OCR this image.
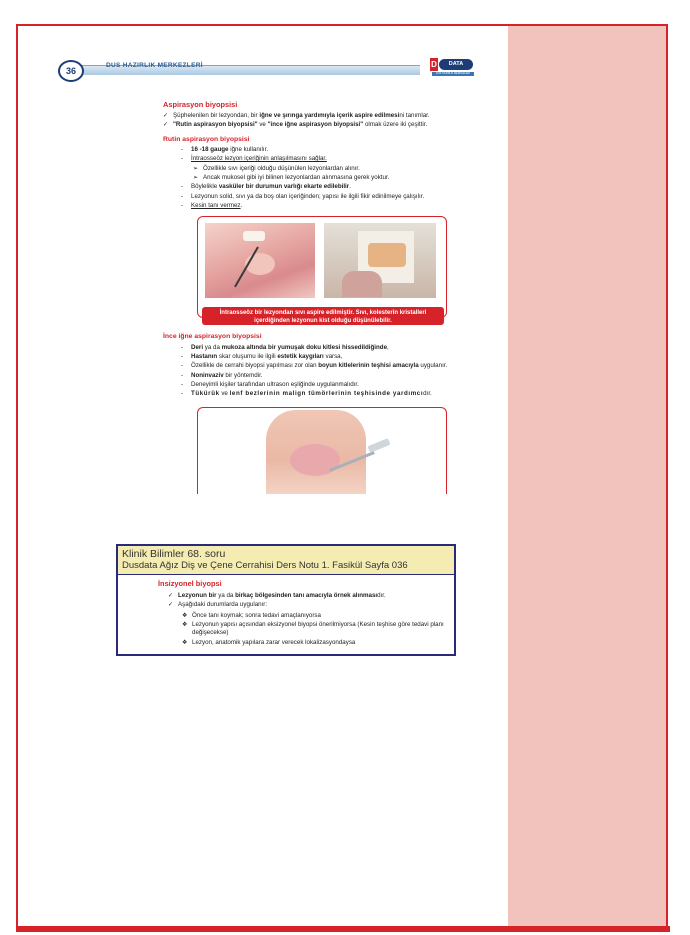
36
DUS HAZIRLIK MERKEZLERİ	D	DATA
DUS HAZIRLIK MERKEZLERİ
Aspirasyon biyopsisi
✓ Şüphelenilen bir lezyondan, bir iğne ve şırınga yardımıyla içerik aspire edilmesini tanımlar.
✓ "Rutin aspirasyon biyopsisi" ve "ince iğne aspirasyon biyopsisi" olmak üzere iki çeşittir.
Rutin aspirasyon biyopsisi
- 16 -18 gauge iğne kullanılır.
- İntraosseöz lezyon içeriğinin anlaşılmasını sağlar.
➢ Özellikle sıvı içeriği olduğu düşünülen lezyonlardan alınır.
➢ Ancak mukosel gibi iyi bilinen lezyonlardan alınmasına gerek yoktur.
- Böylelikle vasküler bir durumun varlığı ekarte edilebilir.
- Lezyonun solid, sıvı ya da boş olan içeriğinden; yapısı ile ilgili fikir edinilmeye çalışılır.
- Kesin tanı vermez.
İntraosseöz bir lezyondan sıvı aspire edilmiştir. Sıvı, kolesterin kristalleri içerdiğinden lezyonun kist olduğu düşünülebilir.
İnce iğne aspirasyon biyopsisi
- Deri ya da mukoza altında bir yumuşak doku kitlesi hissedildiğinde,
- Hastanın skar oluşumu ile ilgili estetik kaygıları varsa,
- Özellikle de cerrahi biyopsi yapılması zor olan boyun kitlelerinin teşhisi amacıyla uygulanır.
- Noninvaziv bir yöntemdir.
- Deneyimli kişiler tarafından ultrason eşliğinde uygulanmalıdır.
- Tükürük ve lenf bezlerinin malign tümörlerinin teşhisinde yardımcıdır.
Klinik Bilimler 68. soru
Dusdata Ağız Diş ve Çene Cerrahisi Ders Notu 1. Fasikül Sayfa 036
İnsizyonel biyopsi
✓ Lezyonun bir ya da birkaç bölgesinden tanı amacıyla örnek alınmasıdır.
✓ Aşağıdaki durumlarda uygulanır:
❖ Önce tanı koymak; sonra tedavi amaçlanıyorsa
❖ Lezyonun yapısı açısından eksizyonel biyopsi önerilmiyorsa (Kesin teşhise göre tedavi planı değişecekse)
❖ Lezyon, anatomik yapılara zarar verecek lokalizasyondaysa
